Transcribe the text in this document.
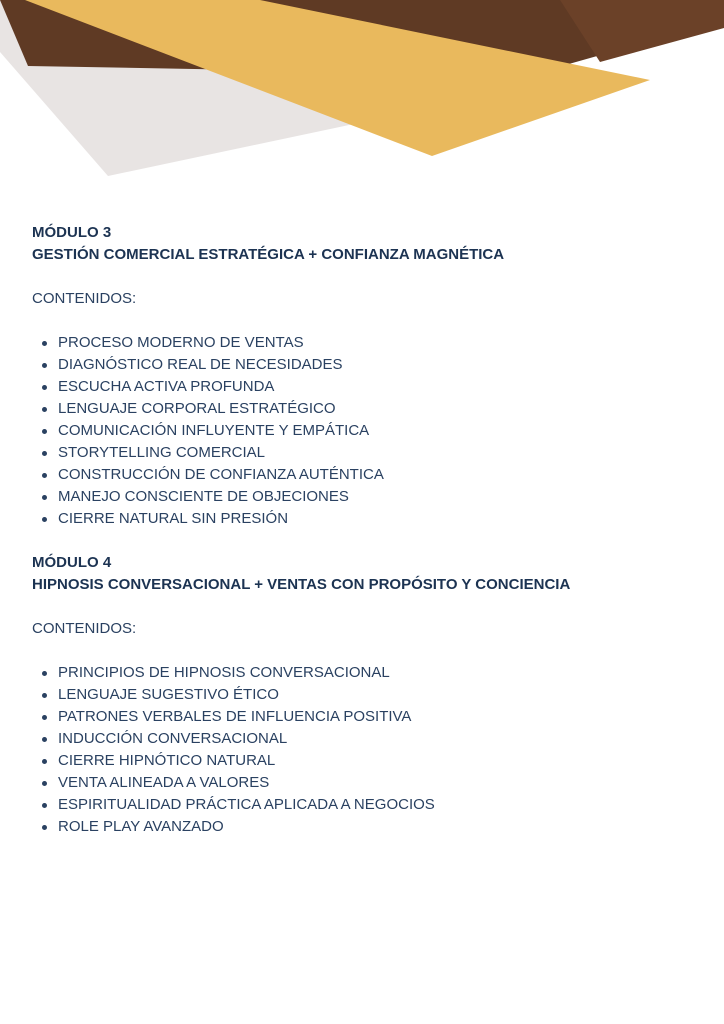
MÓDULO 3

GESTIÓN COMERCIAL ESTRATÉGICA + CONFIANZA MAGNÉTICA

CONTENIDOS:

PROCESO MODERNO DE VENTAS
DIAGNÓSTICO REAL DE NECESIDADES
ESCUCHA ACTIVA PROFUNDA
LENGUAJE CORPORAL ESTRATÉGICO
COMUNICACIÓN INFLUYENTE Y EMPÁTICA
STORYTELLING COMERCIAL
CONSTRUCCIÓN DE CONFIANZA AUTÉNTICA
MANEJO CONSCIENTE DE OBJECIONES
CIERRE NATURAL SIN PRESIÓN

MÓDULO 4

HIPNOSIS CONVERSACIONAL + VENTAS CON PROPÓSITO Y CONCIENCIA

CONTENIDOS:

PRINCIPIOS DE HIPNOSIS CONVERSACIONAL
LENGUAJE SUGESTIVO ÉTICO
PATRONES VERBALES DE INFLUENCIA POSITIVA
INDUCCIÓN CONVERSACIONAL
CIERRE HIPNÓTICO NATURAL
VENTA ALINEADA A VALORES
ESPIRITUALIDAD PRÁCTICA APLICADA A NEGOCIOS
ROLE PLAY AVANZADO
